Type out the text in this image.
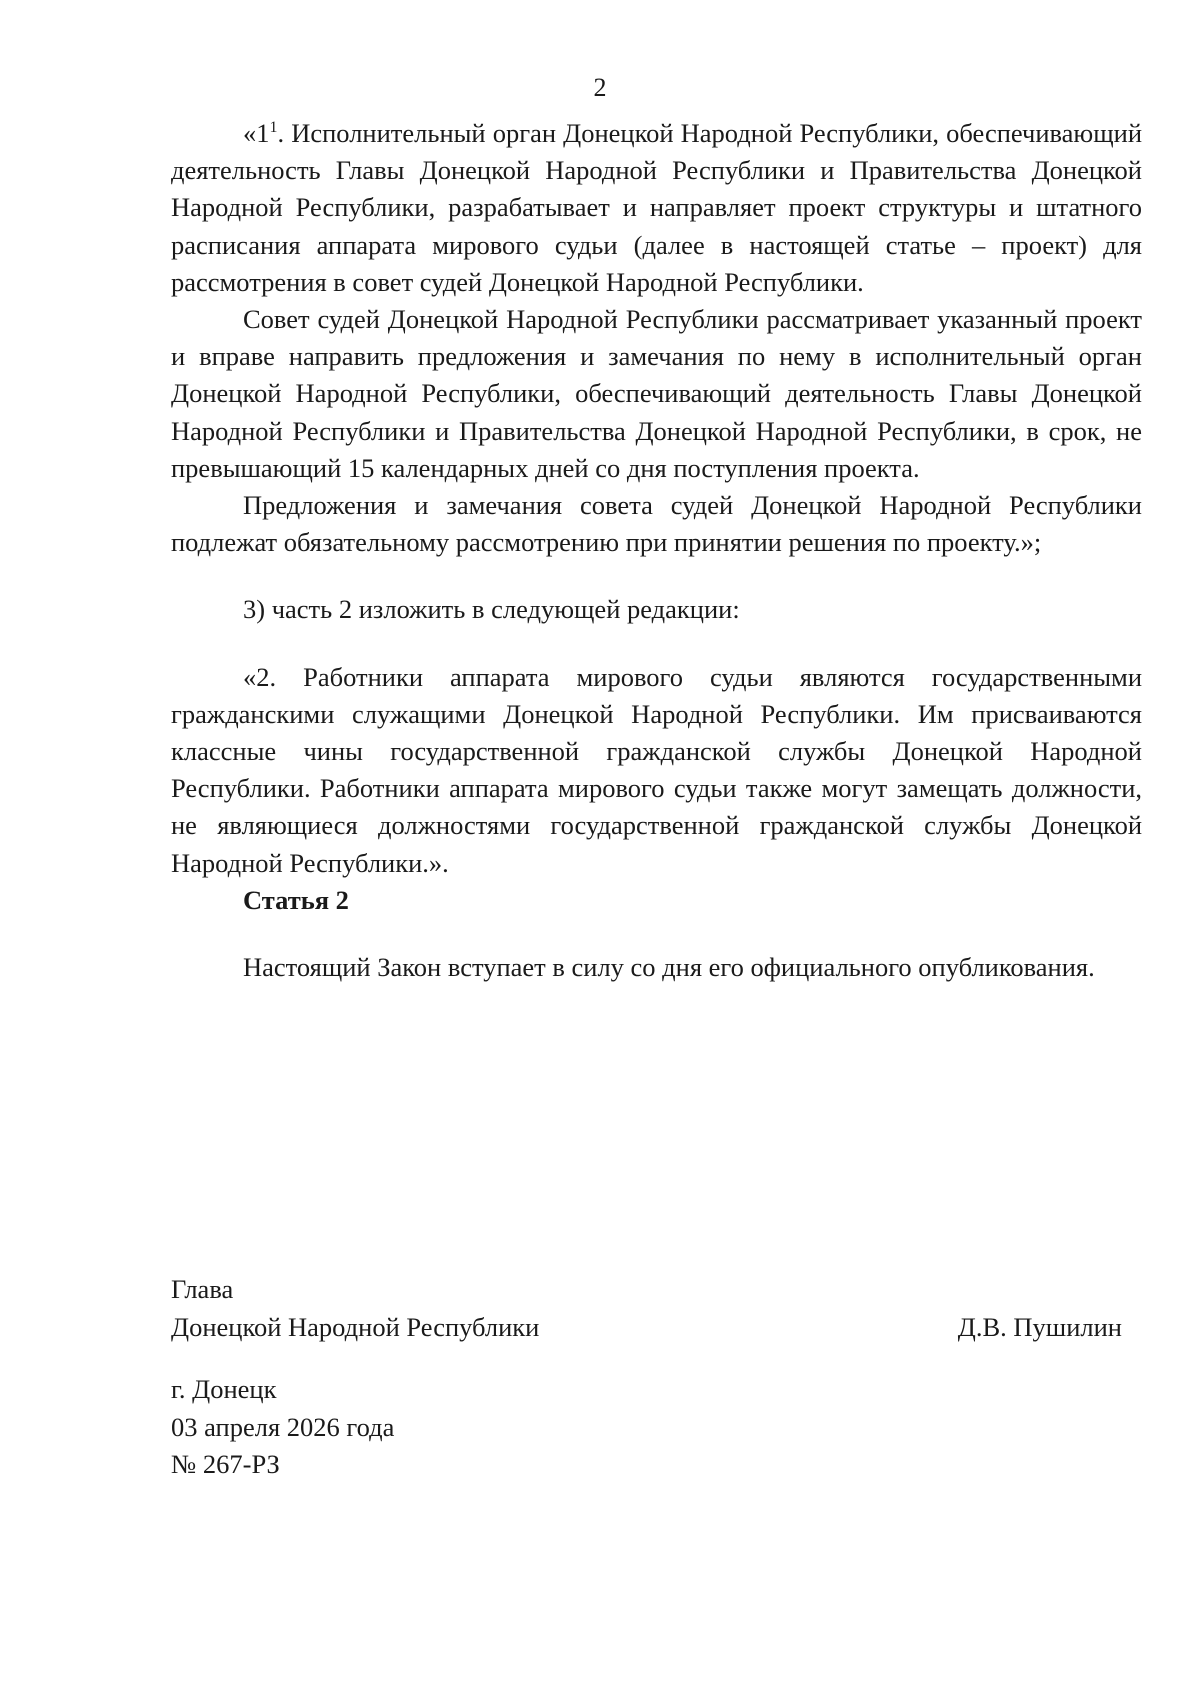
2

«$1^1$. Исполнительный орган Донецкой Народной Республики, обеспечивающий деятельность Главы Донецкой Народной Республики и Правительства Донецкой Народной Республики, разрабатывает и направляет проект структуры и штатного расписания аппарата мирового судьи (далее в настоящей статье – проект) для рассмотрения в совет судей Донецкой Народной Республики.

Совет судей Донецкой Народной Республики рассматривает указанный проект и вправе направить предложения и замечания по нему в исполнительный орган Донецкой Народной Республики, обеспечивающий деятельность Главы Донецкой Народной Республики и Правительства Донецкой Народной Республики, в срок, не превышающий 15 календарных дней со дня поступления проекта.

Предложения и замечания совета судей Донецкой Народной Республики подлежат обязательному рассмотрению при принятии решения по проекту.»;

3) часть 2 изложить в следующей редакции:

«2. Работники аппарата мирового судьи являются государственными гражданскими служащими Донецкой Народной Республики. Им присваиваются классные чины государственной гражданской службы Донецкой Народной Республики. Работники аппарата мирового судьи также могут замещать должности, не являющиеся должностями государственной гражданской службы Донецкой Народной Республики.».

Статья 2

Настоящий Закон вступает в силу со дня его официального опубликования.

Глава
Донецкой Народной Республики	Д.В. Пушилин
г. Донецк
03 апреля 2026 года
№ 267-РЗ
